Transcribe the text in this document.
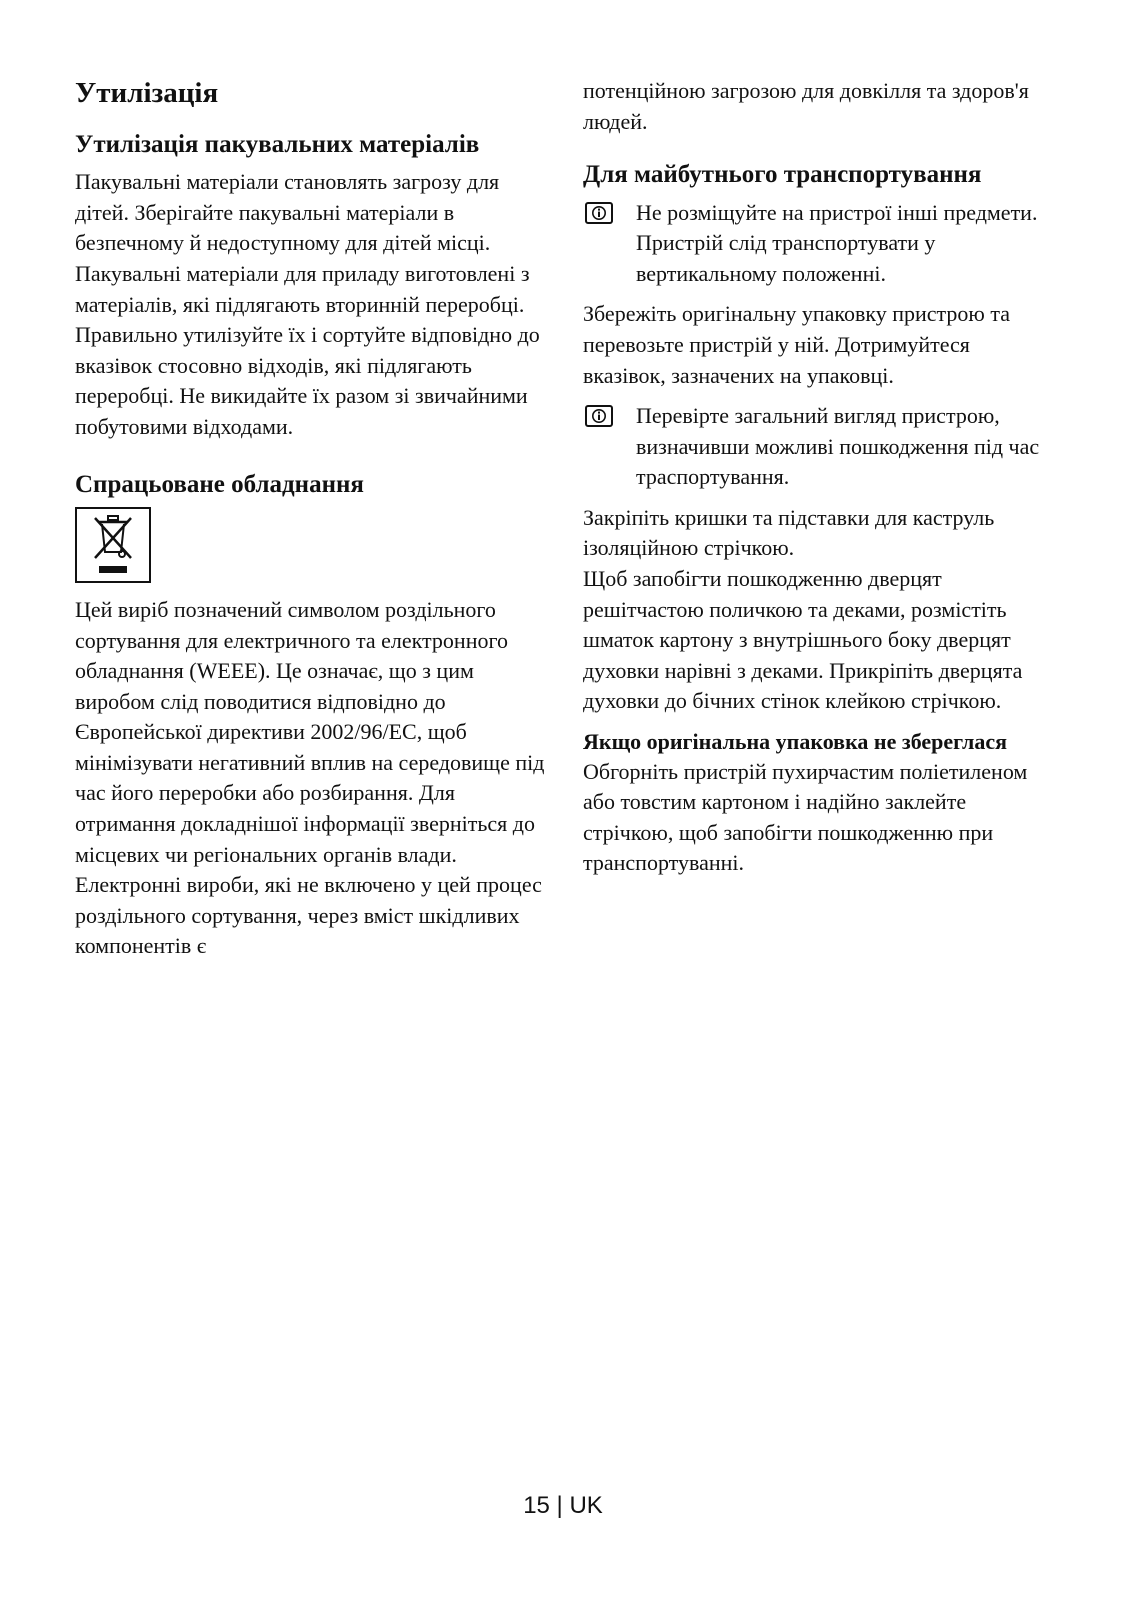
Утилізація
Утилізація пакувальних матеріалів

Пакувальні матеріали становлять загрозу для дітей. Зберігайте пакувальні матеріали в безпечному й недоступному для дітей місці.

Пакувальні матеріали для приладу виготовлені з матеріалів, які підлягають вторинній переробці. Правильно утилізуйте їх і сортуйте відповідно до вказівок стосовно відходів, які підлягають переробці. Не викидайте їх разом зі звичайними побутовими відходами.

Спрацьоване обладнання

Цей виріб позначений символом роздільного сортування для електричного та електронного обладнання (WEEE). Це означає, що з цим виробом слід поводитися відповідно до Європейської директиви 2002/96/EC, щоб мінімізувати негативний вплив на середовище під час його переробки або розбирання. Для отримання докладнішої інформації зверніться до місцевих чи регіональних органів влади.

Електронні вироби, які не включено у цей процес роздільного сортування, через вміст шкідливих компонентів є

потенційною загрозою для довкілля та здоров'я людей.

Для майбутнього транспортування

Не розміщуйте на пристрої інші предмети. Пристрій слід транспортувати у вертикальному положенні.

Збережіть оригінальну упаковку пристрою та перевозьте пристрій у ній. Дотримуйтеся вказівок, зазначених на упаковці.

Перевірте загальний вигляд пристрою, визначивши можливі пошкодження під час траспортування.

Закріпіть кришки та підставки для каструль ізоляційною стрічкою.

Щоб запобігти пошкодженню дверцят решітчастою поличкою та деками, розмістіть шматок картону з внутрішнього боку дверцят духовки нарівні з деками. Прикріпіть дверцята духовки до бічних стінок клейкою стрічкою.

Якщо оригінальна упаковка не збереглася

Обгорніть пристрій пухирчастим поліетиленом або товстим картоном і надійно заклейте стрічкою, щоб запобігти пошкодженню при транспортуванні.

15 | UK
